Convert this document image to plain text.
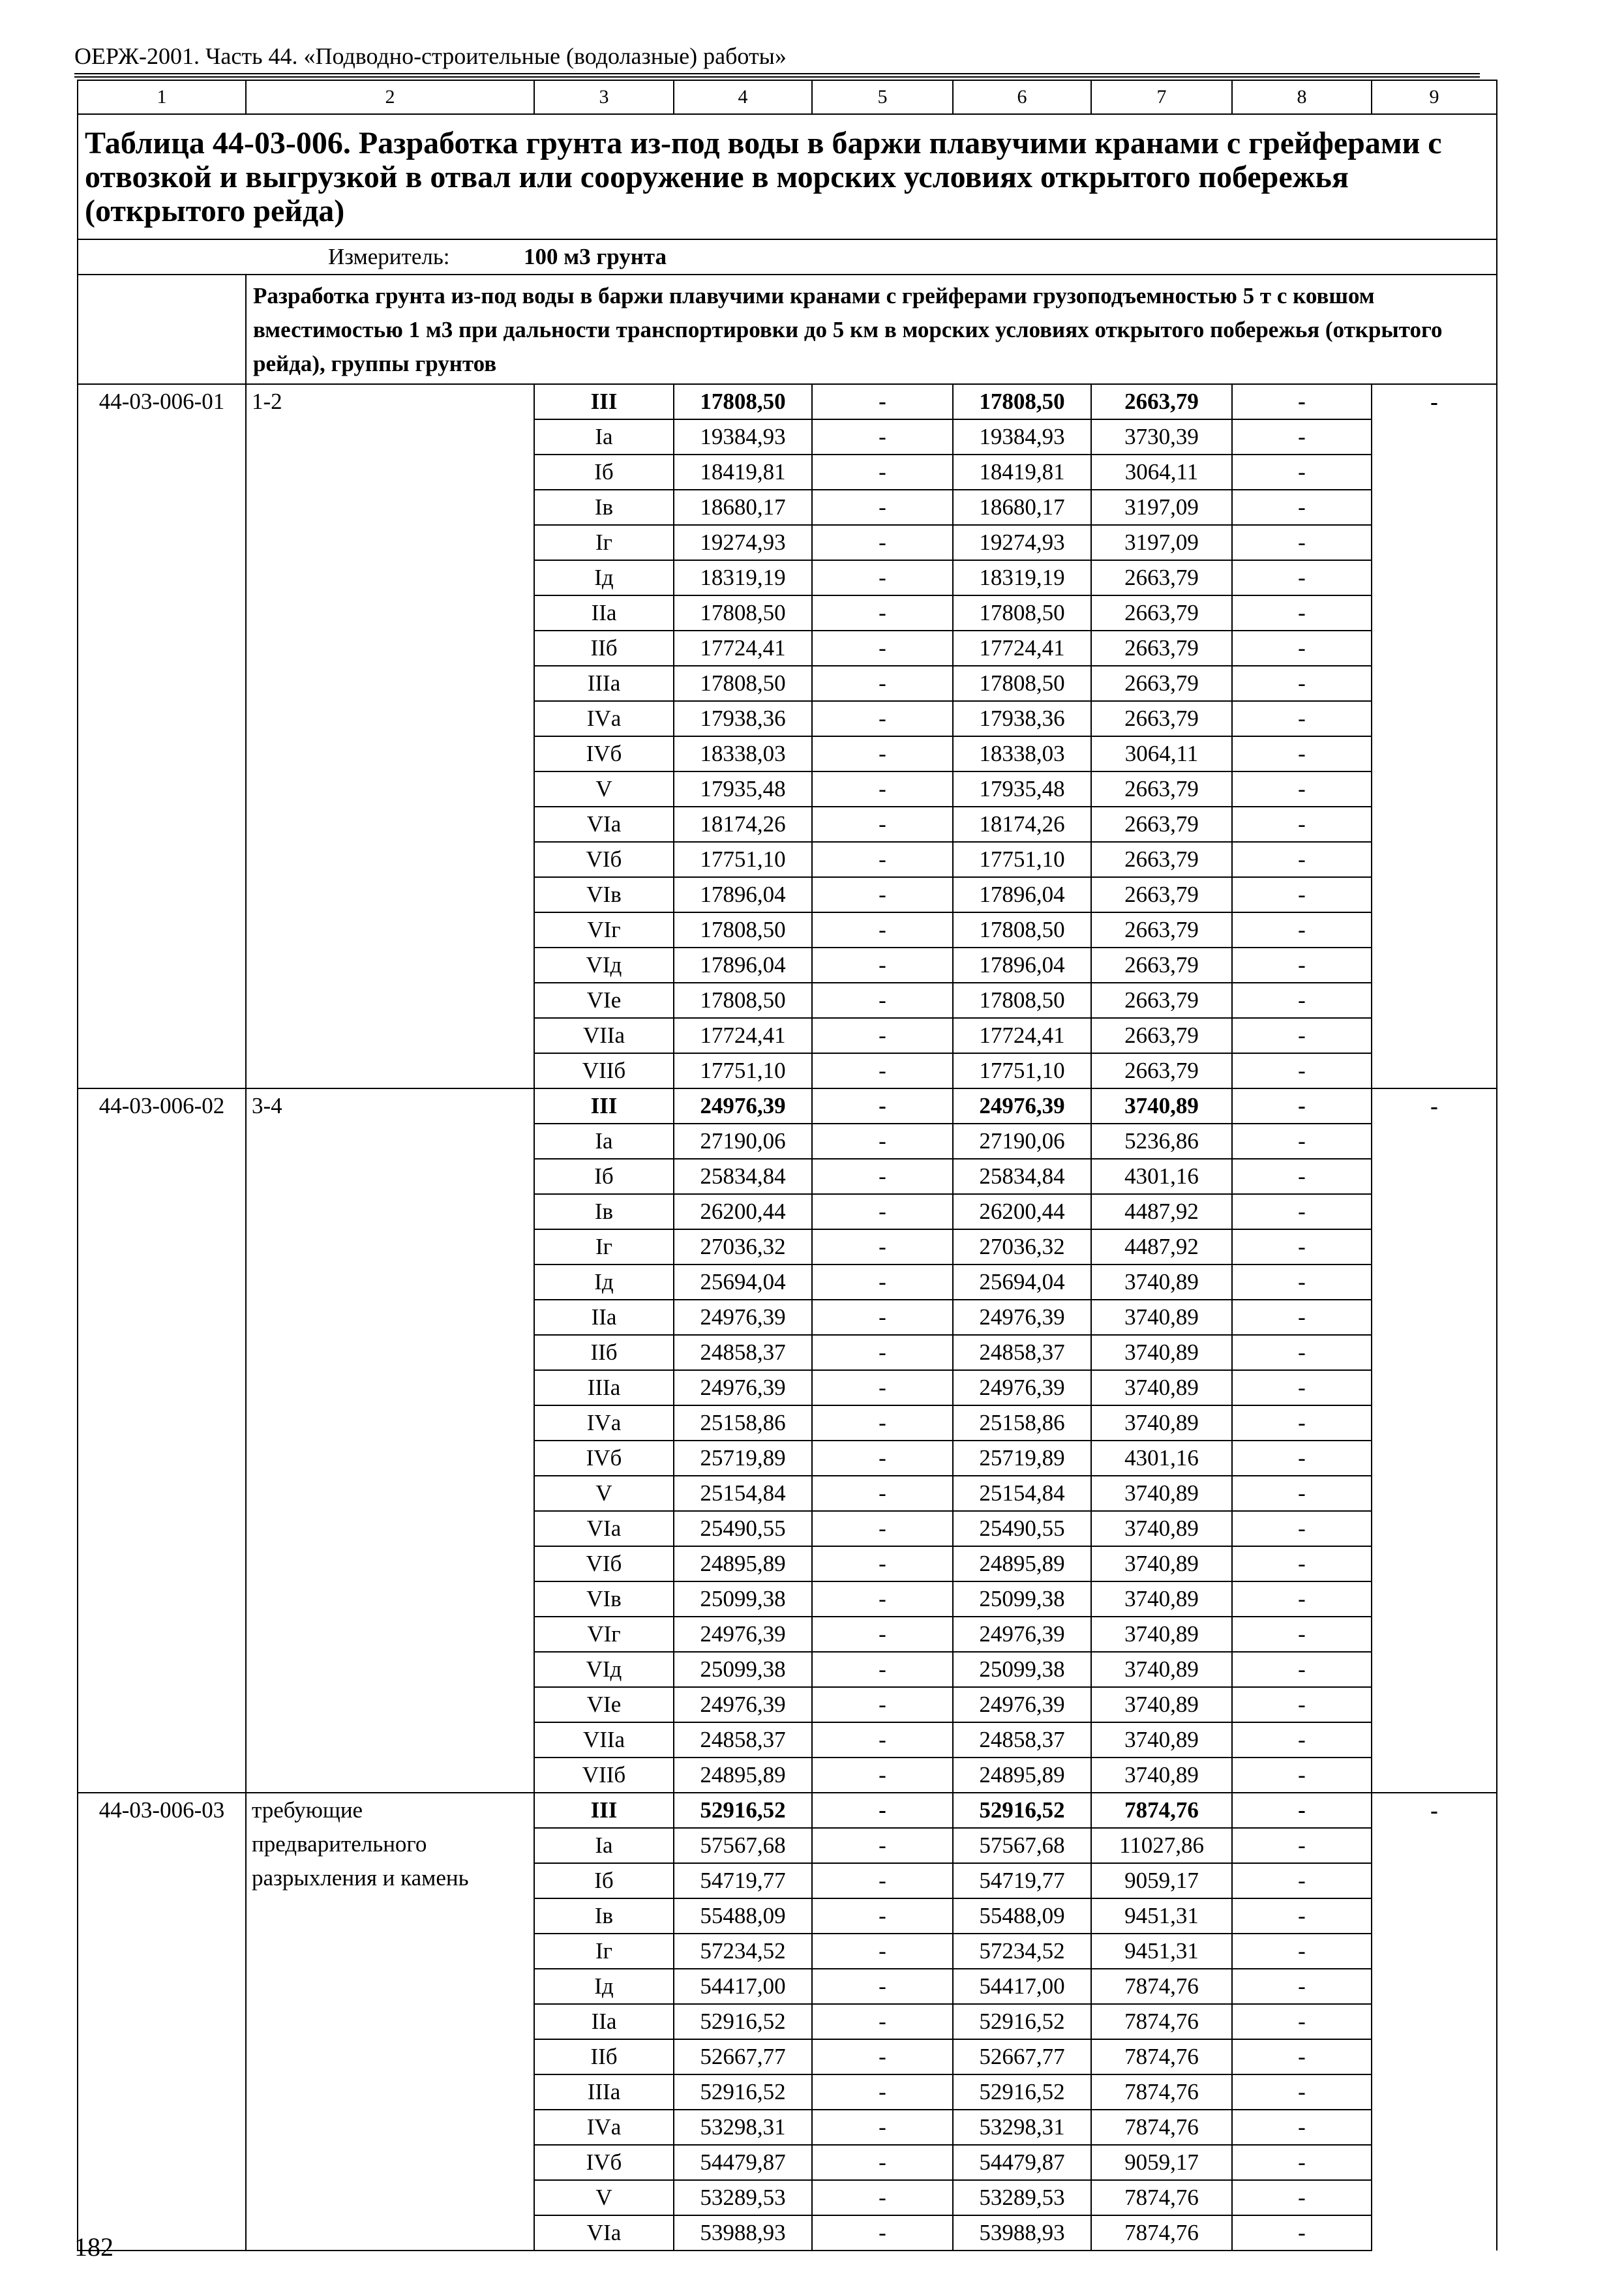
ОЕРЖ-2001. Часть 44. «Подводно-строительные (водолазные) работы»
1	2	3	4	5	6	7	8	9
Таблица 44-03-006. Разработка грунта из-под воды в баржи плавучими кранами с грейферами с отвозкой и выгрузкой в отвал или сооружение в морских условиях открытого побережья (открытого рейда)								
Измеритель: 100 м3 грунта								
	Разработка грунта из-под воды в баржи плавучими кранами с грейферами грузоподъемностью 5 т с ковшом вместимостью 1 м3 при дальности транспортировки до 5 км в морских условиях открытого побережья (открытого рейда), группы грунтов							
44-03-006-01	1-2	III	17808,50	-	17808,50	2663,79	-	-
		Iа	19384,93	-	19384,93	3730,39	-	
		Iб	18419,81	-	18419,81	3064,11	-	
		Iв	18680,17	-	18680,17	3197,09	-	
		Iг	19274,93	-	19274,93	3197,09	-	
		Iд	18319,19	-	18319,19	2663,79	-	
		IIа	17808,50	-	17808,50	2663,79	-	
		IIб	17724,41	-	17724,41	2663,79	-	
		IIIа	17808,50	-	17808,50	2663,79	-	
		IVа	17938,36	-	17938,36	2663,79	-	
		IVб	18338,03	-	18338,03	3064,11	-	
		V	17935,48	-	17935,48	2663,79	-	
		VIа	18174,26	-	18174,26	2663,79	-	
		VIб	17751,10	-	17751,10	2663,79	-	
		VIв	17896,04	-	17896,04	2663,79	-	
		VIг	17808,50	-	17808,50	2663,79	-	
		VIд	17896,04	-	17896,04	2663,79	-	
		VIе	17808,50	-	17808,50	2663,79	-	
		VIIа	17724,41	-	17724,41	2663,79	-	
		VIIб	17751,10	-	17751,10	2663,79	-	
44-03-006-02	3-4	III	24976,39	-	24976,39	3740,89	-	-
		Iа	27190,06	-	27190,06	5236,86	-	
		Iб	25834,84	-	25834,84	4301,16	-	
		Iв	26200,44	-	26200,44	4487,92	-	
		Iг	27036,32	-	27036,32	4487,92	-	
		Iд	25694,04	-	25694,04	3740,89	-	
		IIа	24976,39	-	24976,39	3740,89	-	
		IIб	24858,37	-	24858,37	3740,89	-	
		IIIа	24976,39	-	24976,39	3740,89	-	
		IVа	25158,86	-	25158,86	3740,89	-	
		IVб	25719,89	-	25719,89	4301,16	-	
		V	25154,84	-	25154,84	3740,89	-	
		VIа	25490,55	-	25490,55	3740,89	-	
		VIб	24895,89	-	24895,89	3740,89	-	
		VIв	25099,38	-	25099,38	3740,89	-	
		VIг	24976,39	-	24976,39	3740,89	-	
		VIд	25099,38	-	25099,38	3740,89	-	
		VIе	24976,39	-	24976,39	3740,89	-	
		VIIа	24858,37	-	24858,37	3740,89	-	
		VIIб	24895,89	-	24895,89	3740,89	-	
44-03-006-03	требующие предварительного разрыхления и камень	III	52916,52	-	52916,52	7874,76	-	-
		Iа	57567,68	-	57567,68	11027,86	-	
		Iб	54719,77	-	54719,77	9059,17	-	
		Iв	55488,09	-	55488,09	9451,31	-	
		Iг	57234,52	-	57234,52	9451,31	-	
		Iд	54417,00	-	54417,00	7874,76	-	
		IIа	52916,52	-	52916,52	7874,76	-	
		IIб	52667,77	-	52667,77	7874,76	-	
		IIIа	52916,52	-	52916,52	7874,76	-	
		IVа	53298,31	-	53298,31	7874,76	-	
		IVб	54479,87	-	54479,87	9059,17	-	
		V	53289,53	-	53289,53	7874,76	-	
		VIа	53988,93	-	53988,93	7874,76	-	
182
